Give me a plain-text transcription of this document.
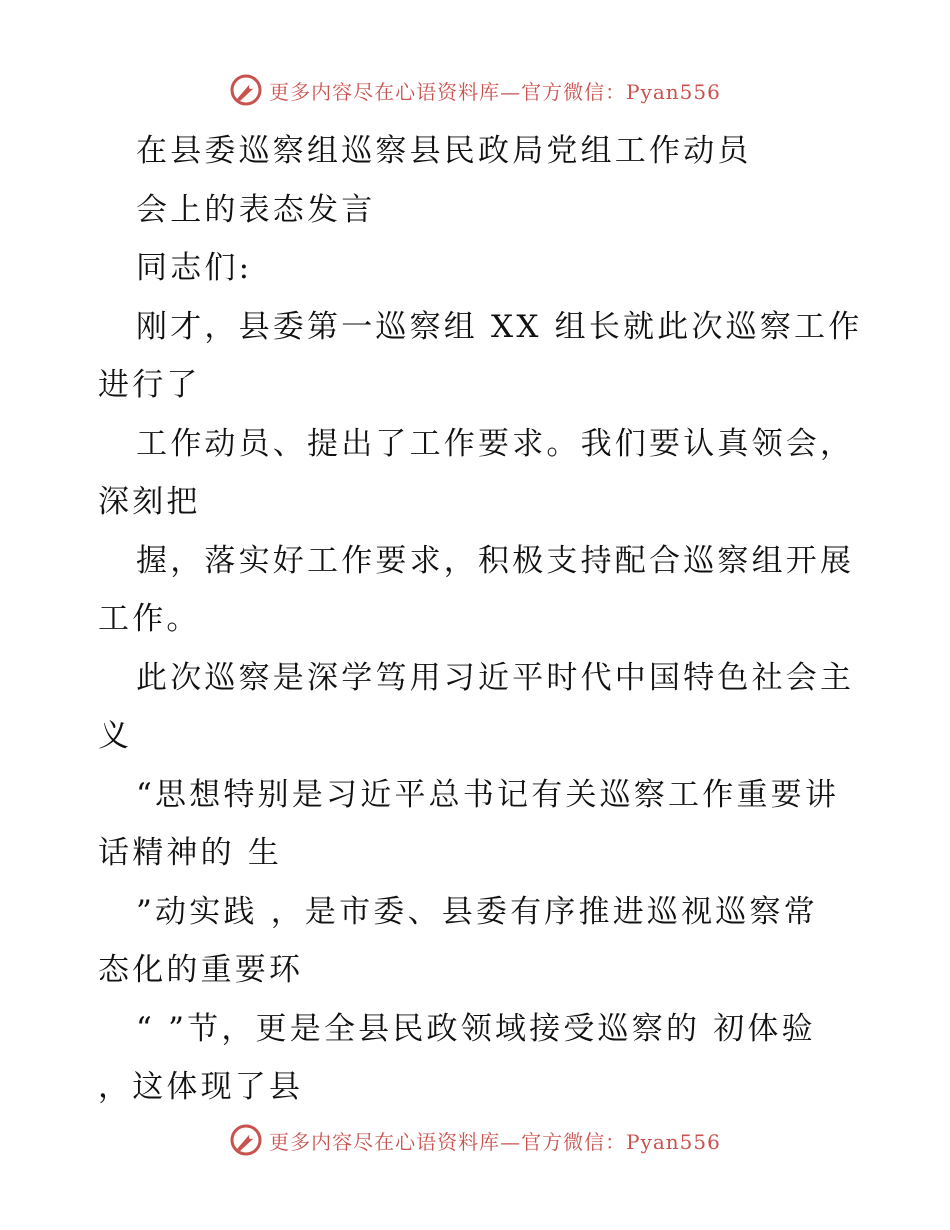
更多内容尽在心语资料库—官方微信：Pyan556
在县委巡察组巡察县民政局党组工作动员
会上的表态发言
同志们:
刚才，县委第一巡察组 XX 组长就此次巡察工作
进行了
工作动员、提出了工作要求。我们要认真领会，
深刻把
握，落实好工作要求，积极支持配合巡察组开展
工作。
此次巡察是深学笃用习近平时代中国特色社会主
义
“思想特别是习近平总书记有关巡察工作重要讲
话精神的 生
”动实践 ，是市委、县委有序推进巡视巡察常
态化的重要环
“ ”节，更是全县民政领域接受巡察的 初体验
，这体现了县
更多内容尽在心语资料库—官方微信：Pyan556
